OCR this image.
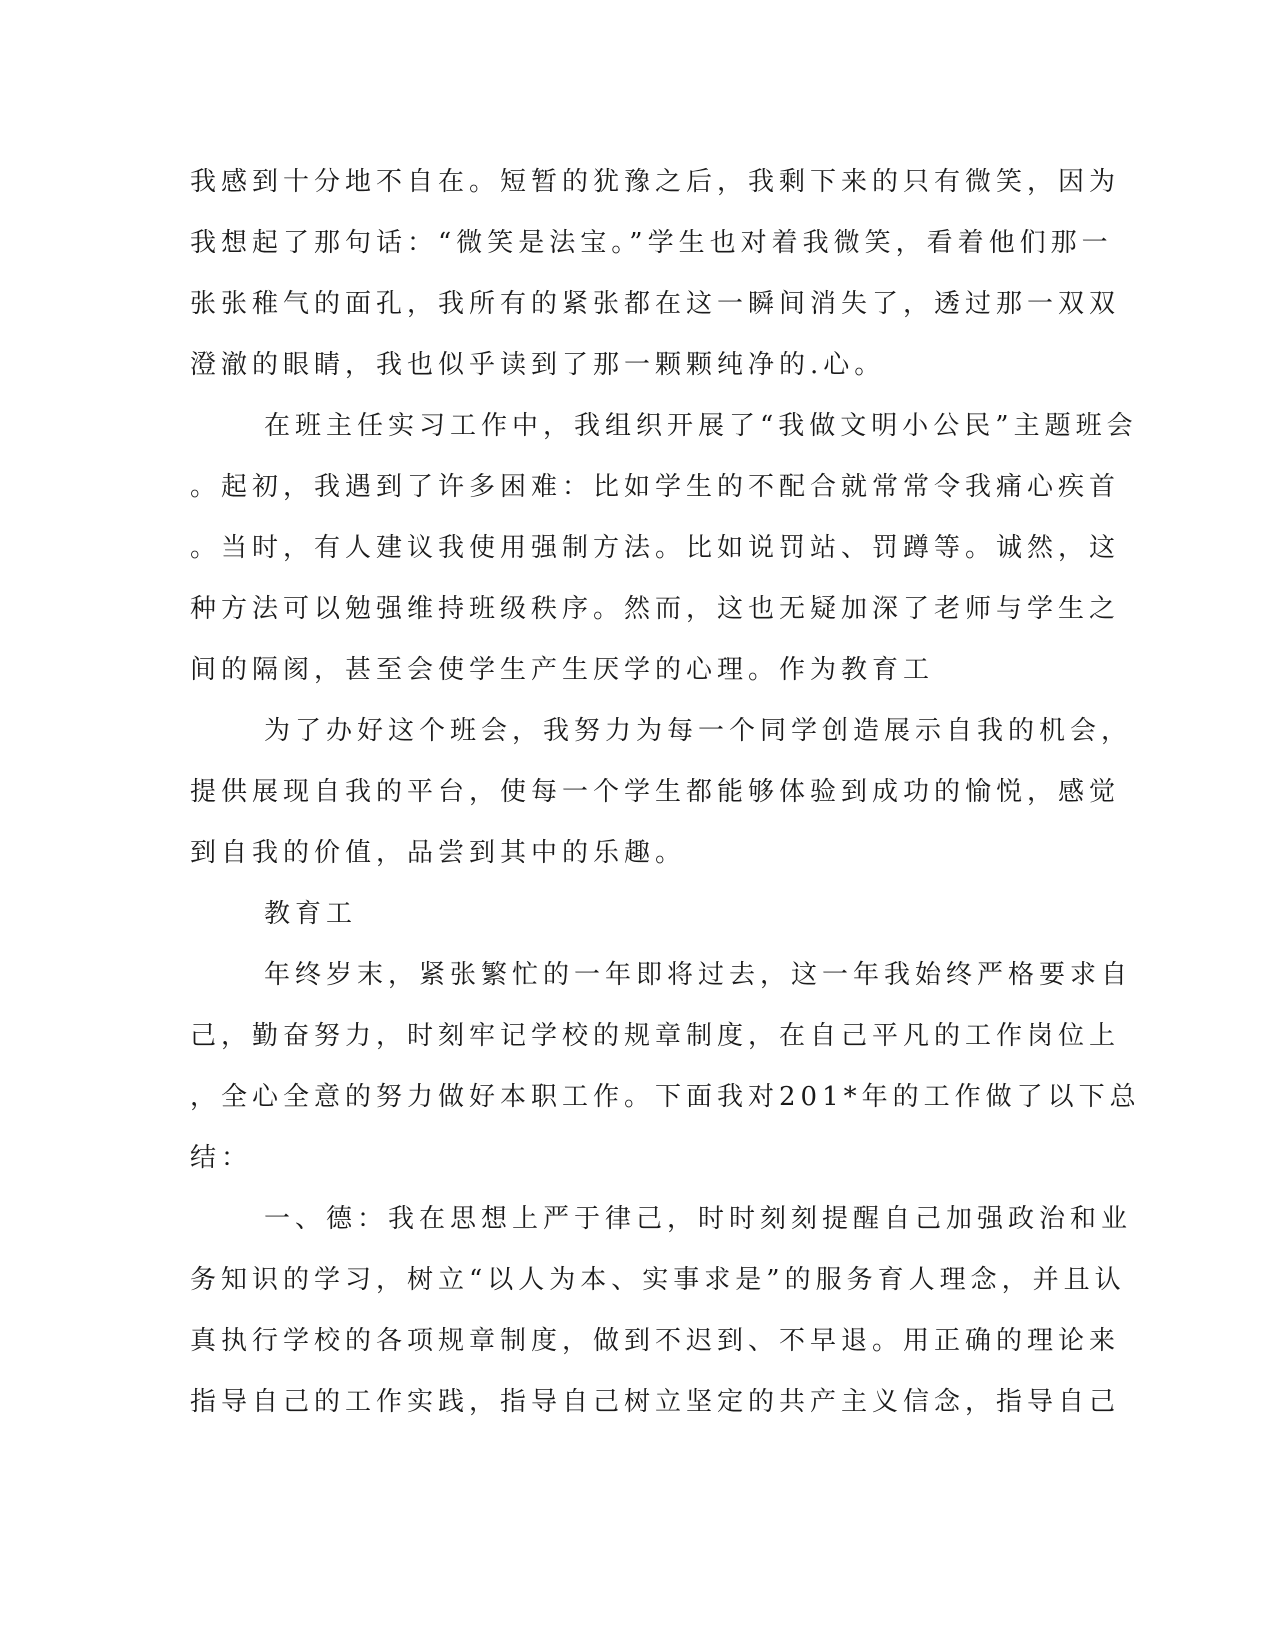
我感到十分地不自在。短暂的犹豫之后，我剩下来的只有微笑，因为
我想起了那句话：“微笑是法宝。”学生也对着我微笑，看着他们那一
张张稚气的面孔，我所有的紧张都在这一瞬间消失了，透过那一双双
澄澈的眼睛，我也似乎读到了那一颗颗纯净的.心。
在班主任实习工作中，我组织开展了“我做文明小公民”主题班会
。起初，我遇到了许多困难：比如学生的不配合就常常令我痛心疾首
。当时，有人建议我使用强制方法。比如说罚站、罚蹲等。诚然，这
种方法可以勉强维持班级秩序。然而，这也无疑加深了老师与学生之
间的隔阂，甚至会使学生产生厌学的心理。作为教育工
为了办好这个班会，我努力为每一个同学创造展示自我的机会，
提供展现自我的平台，使每一个学生都能够体验到成功的愉悦，感觉
到自我的价值，品尝到其中的乐趣。
教育工
年终岁末，紧张繁忙的一年即将过去，这一年我始终严格要求自
己，勤奋努力，时刻牢记学校的规章制度，在自己平凡的工作岗位上
，全心全意的努力做好本职工作。下面我对201*年的工作做了以下总
结：
一、德：我在思想上严于律己，时时刻刻提醒自己加强政治和业
务知识的学习，树立“以人为本、实事求是”的服务育人理念，并且认
真执行学校的各项规章制度，做到不迟到、不早退。用正确的理论来
指导自己的工作实践，指导自己树立坚定的共产主义信念，指导自己
